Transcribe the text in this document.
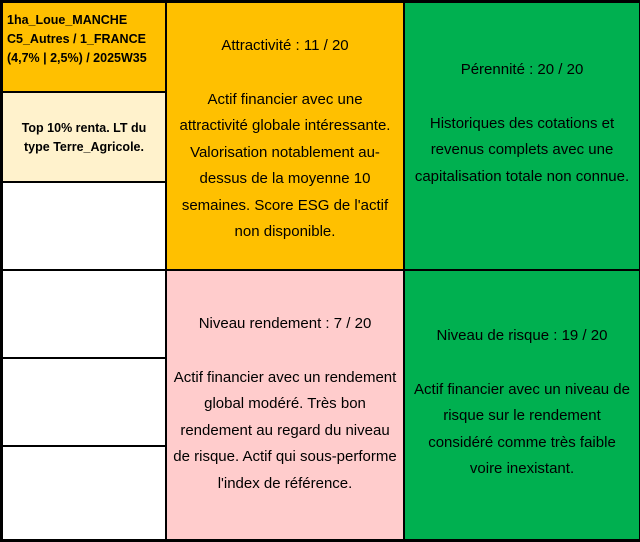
1ha_Loue_MANCHE
C5_Autres / 1_FRANCE
(4,7% | 2,5%) / 2025W35
Top 10% renta. LT du type Terre_Agricole.
Attractivité : 11 / 20
Actif financier avec une attractivité globale intéressante. Valorisation notablement au-dessus de la moyenne 10 semaines. Score ESG de l'actif non disponible.
Pérennité : 20 / 20
Historiques des cotations et revenus complets avec une capitalisation totale non connue.
Niveau rendement : 7 / 20
Actif financier avec un rendement global modéré. Très bon rendement au regard du niveau de risque. Actif qui sous-performe l'index de référence.
Niveau de risque : 19 / 20
Actif financier avec un niveau de risque sur le rendement considéré comme très faible voire inexistant.
